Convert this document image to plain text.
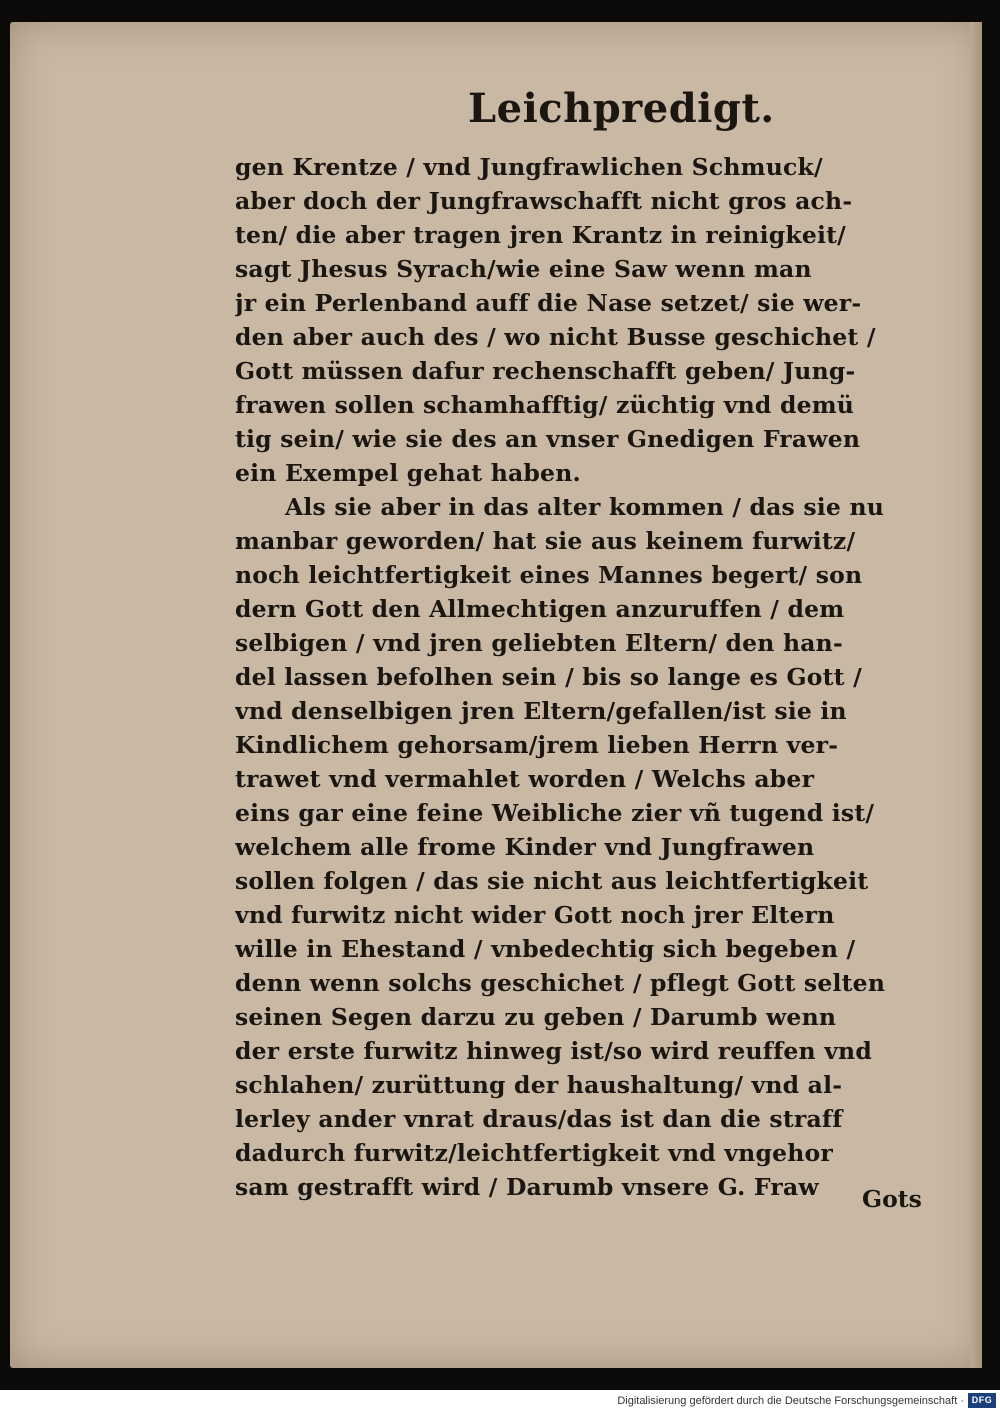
Leichpredigt.
gen Krentze / vnd Jungfrawlichen Schmuck/
aber doch der Jungfrawschafft nicht gros ach-
ten/ die aber tragen jren Krantz in reinigkeit/
sagt Jhesus Syrach/wie eine Saw wenn man
jr ein Perlenband auff die Nase setzet/ sie wer-
den aber auch des / wo nicht Busse geschichet /
Gott müssen dafur rechenschafft geben/ Jung-
frawen sollen schamhafftig/ züchtig vnd demü
tig sein/ wie sie des an vnser Gnedigen Frawen
ein Exempel gehat haben.
Als sie aber in das alter kommen / das sie nu
manbar geworden/ hat sie aus keinem furwitz/
noch leichtfertigkeit eines Mannes begert/ son
dern Gott den Allmechtigen anzuruffen / dem
selbigen / vnd jren geliebten Eltern/ den han-
del lassen befolhen sein / bis so lange es Gott /
vnd denselbigen jren Eltern/gefallen/ist sie in
Kindlichem gehorsam/jrem lieben Herrn ver-
trawet vnd vermahlet worden / Welchs aber
eins gar eine feine Weibliche zier vñ tugend ist/
welchem alle frome Kinder vnd Jungfrawen
sollen folgen / das sie nicht aus leichtfertigkeit
vnd furwitz nicht wider Gott noch jrer Eltern
wille in Ehestand / vnbedechtig sich begeben /
denn wenn solchs geschichet / pflegt Gott selten
seinen Segen darzu zu geben / Darumb wenn
der erste furwitz hinweg ist/so wird reuffen vnd
schlahen/ zurüttung der haushaltung/ vnd al-
lerley ander vnrat draus/das ist dan die straff
dadurch furwitz/leichtfertigkeit vnd vngehor
sam gestrafft wird / Darumb vnsere G. Fraw	Gots
Digitalisierung gefördert durch die Deutsche Forschungsgemeinschaft · DFG
